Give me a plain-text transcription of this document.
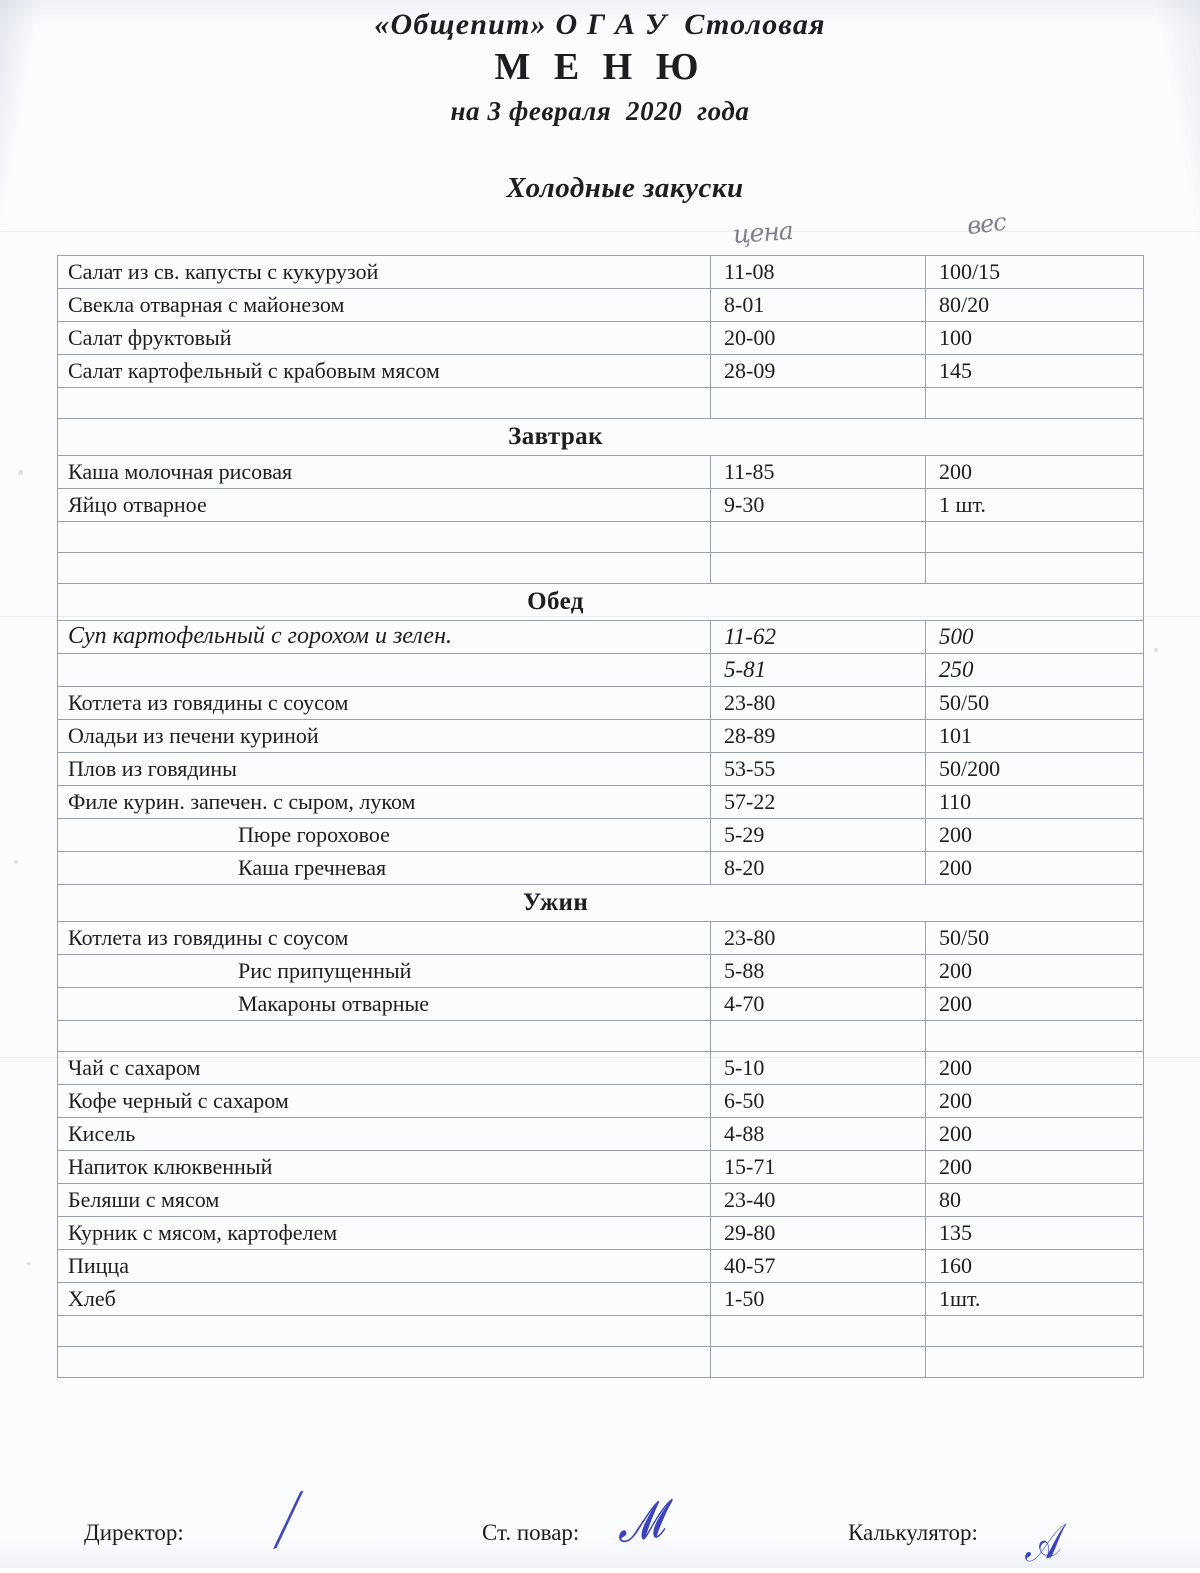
«Общепит» О Г А У  Столовая
М Е Н Ю
на 3 февраля  2020  года
Холодные закуски
цена	вес
Салат из св. капусты с кукурузой	11-08	100/15
Свекла отварная с майонезом	8-01	80/20
Салат фруктовый	20-00	100
Салат картофельный с крабовым мясом	28-09	145

Завтрак		
Каша молочная рисовая	11-85	200
Яйцо отварное	9-30	1 шт.

Обед		
Суп картофельный с горохом и зелен.	11-62	500
	5-81	250
Котлета из говядины с соусом	23-80	50/50
Оладьи из печени куриной	28-89	101
Плов из говядины	53-55	50/200
Филе курин. запечен. с сыром, луком	57-22	110
Пюре гороховое	5-29	200
Каша гречневая	8-20	200
Ужин		
Котлета из говядины с соусом	23-80	50/50
Рис припущенный	5-88	200
Макароны отварные	4-70	200

Чай с сахаром	5-10	200
Кофе черный с сахаром	6-50	200
Кисель	4-88	200
Напиток клюквенный	15-71	200
Беляши с мясом	23-40	80
Курник с мясом, картофелем	29-80	135
Пицца	40-57	160
Хлеб	1-50	1шт.

Директор: ⟋	Ст. повар: 𝓜	Калькулятор: 𝒜
